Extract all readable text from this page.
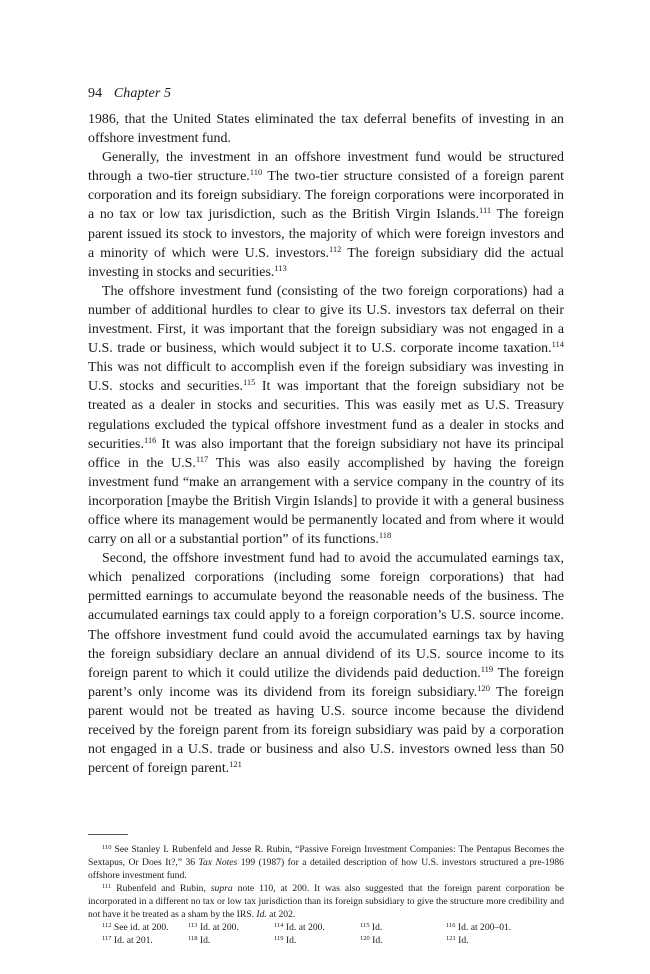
94 Chapter 5

1986, that the United States eliminated the tax deferral benefits of investing in an offshore investment fund.

Generally, the investment in an offshore investment fund would be structured through a two-tier structure.$^{110}$ The two-tier structure consisted of a foreign parent corporation and its foreign subsidiary. The foreign corporations were incorporated in a no tax or low tax jurisdiction, such as the British Virgin Islands.$^{111}$ The foreign parent issued its stock to investors, the majority of which were foreign investors and a minority of which were U.S. investors.$^{112}$ The foreign subsidiary did the actual investing in stocks and securities.$^{113}$

The offshore investment fund (consisting of the two foreign corporations) had a number of additional hurdles to clear to give its U.S. investors tax deferral on their investment. First, it was important that the foreign subsidiary was not engaged in a U.S. trade or business, which would subject it to U.S. corporate income taxation.$^{114}$ This was not difficult to accomplish even if the foreign subsidiary was investing in U.S. stocks and securities.$^{115}$ It was important that the foreign subsidiary not be treated as a dealer in stocks and securities. This was easily met as U.S. Treasury regulations excluded the typical offshore investment fund as a dealer in stocks and securities.$^{116}$ It was also important that the foreign subsidiary not have its principal office in the U.S.$^{117}$ This was also easily accomplished by having the foreign investment fund “make an arrangement with a service company in the country of its incorporation [maybe the British Virgin Islands] to provide it with a general business office where its management would be permanently located and from where it would carry on all or a substantial portion” of its functions.$^{118}$

Second, the offshore investment fund had to avoid the accumulated earnings tax, which penalized corporations (including some foreign corporations) that had permitted earnings to accumulate beyond the reasonable needs of the business. The accumulated earnings tax could apply to a foreign corporation’s U.S. source income. The offshore investment fund could avoid the accumulated earnings tax by having the foreign subsidiary declare an annual dividend of its U.S. source income to its foreign parent to which it could utilize the dividends paid deduction.$^{119}$ The foreign parent’s only income was its dividend from its foreign subsidiary.$^{120}$ The foreign parent would not be treated as having U.S. source income because the dividend received by the foreign parent from its foreign subsidiary was paid by a corporation not engaged in a U.S. trade or business and also U.S. investors owned less than 50 percent of foreign parent.$^{121}$

$^{110}$ See Stanley I. Rubenfeld and Jesse R. Rubin, “Passive Foreign Investment Companies: The Pentapus Becomes the Sextapus, Or Does It?,” 36 Tax Notes 199 (1987) for a detailed description of how U.S. investors structured a pre-1986 offshore investment fund.

$^{111}$ Rubenfeld and Rubin, supra note 110, at 200. It was also suggested that the foreign parent corporation be incorporated in a different no tax or low tax jurisdiction than its foreign subsidiary to give the structure more credibility and not have it be treated as a sham by the IRS. Id. at 202.

$^{112}$ See id. at 200.	$^{113}$ Id. at 200.	$^{114}$ Id. at 200.	$^{115}$ Id.	$^{116}$ Id. at 200–01.
$^{117}$ Id. at 201.	$^{118}$ Id.	$^{119}$ Id.	$^{120}$ Id.	$^{121}$ Id.
